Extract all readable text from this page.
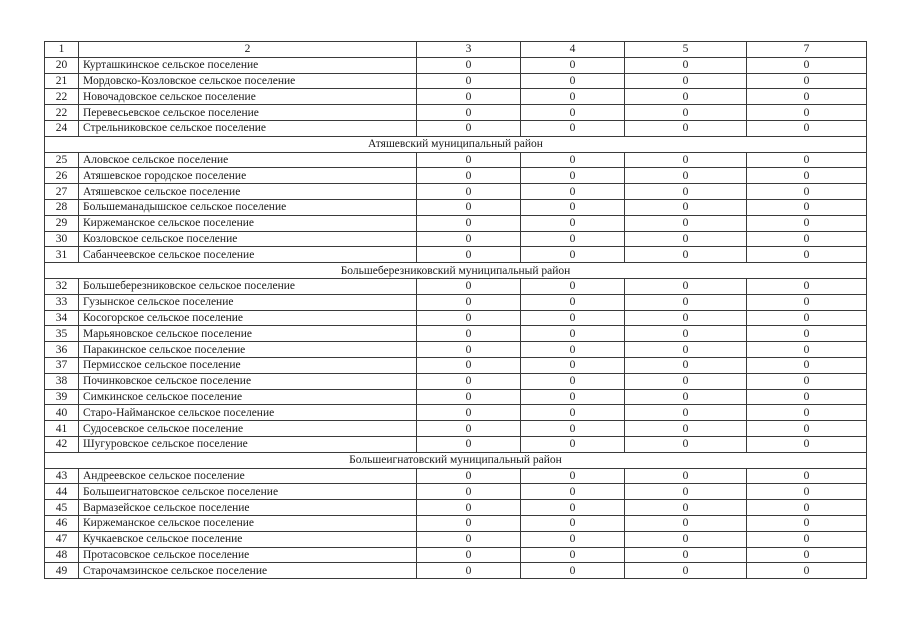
1	2	3	4	5	7
20	Курташкинское сельское поселение	0	0	0	0
21	Мордовско-Козловское сельское поселение	0	0	0	0
22	Новочадовское сельское поселение	0	0	0	0
22	Перевесьевское сельское поселение	0	0	0	0
24	Стрельниковское сельское поселение	0	0	0	0
Атяшевский муниципальный район					
25	Аловское сельское поселение	0	0	0	0
26	Атяшевское городское поселение	0	0	0	0
27	Атяшевское сельское поселение	0	0	0	0
28	Большеманадышское сельское поселение	0	0	0	0
29	Киржеманское сельское поселение	0	0	0	0
30	Козловское сельское поселение	0	0	0	0
31	Сабанчеевское сельское поселение	0	0	0	0
Большеберезниковский муниципальный район					
32	Большеберезниковское сельское поселение	0	0	0	0
33	Гузынское сельское поселение	0	0	0	0
34	Косогорское сельское поселение	0	0	0	0
35	Марьяновское сельское поселение	0	0	0	0
36	Паракинское сельское поселение	0	0	0	0
37	Пермисское сельское поселение	0	0	0	0
38	Починковское сельское поселение	0	0	0	0
39	Симкинское сельское поселение	0	0	0	0
40	Старо-Найманское сельское поселение	0	0	0	0
41	Судосевское сельское поселение	0	0	0	0
42	Шугуровское сельское поселение	0	0	0	0
Большеигнатовский муниципальный район					
43	Андреевское сельское поселение	0	0	0	0
44	Большеигнатовское сельское поселение	0	0	0	0
45	Вармазейское сельское поселение	0	0	0	0
46	Киржеманское сельское поселение	0	0	0	0
47	Кучкаевское сельское поселение	0	0	0	0
48	Протасовское сельское поселение	0	0	0	0
49	Старочамзинское сельское поселение	0	0	0	0
